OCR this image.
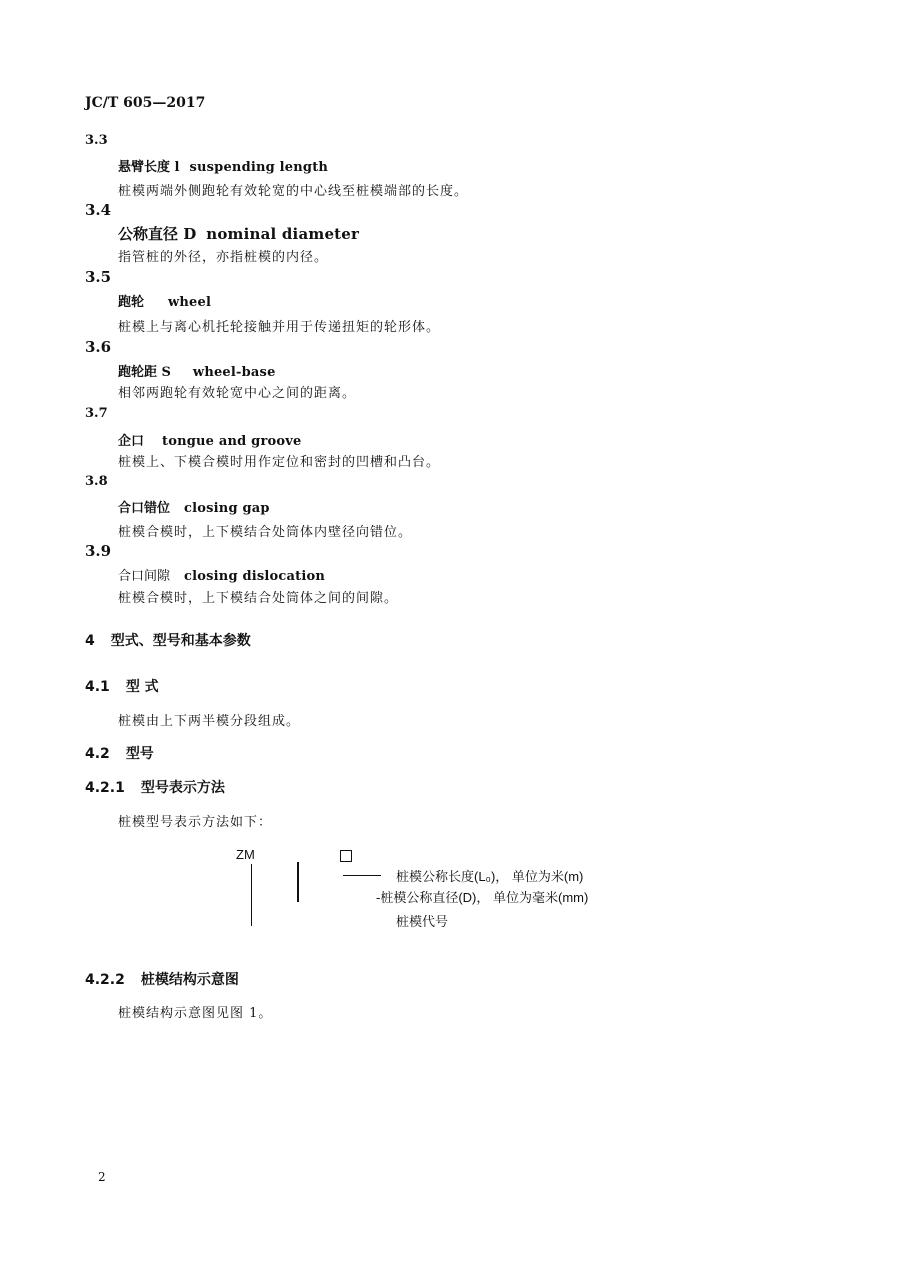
JC/T 605—2017
3.3
悬臂长度 l suspending length
桩模两端外侧跑轮有效轮宽的中心线至桩模端部的长度。
3.4
公称直径 D nominal diameter
指管桩的外径，亦指桩模的内径。
3.5
跑轮 wheel
桩模上与离心机托轮接触并用于传递扭矩的轮形体。
3.6
跑轮距 S wheel-base
相邻两跑轮有效轮宽中心之间的距离。
3.7
企口 tongue and groove
桩模上、下模合模时用作定位和密封的凹槽和凸台。
3.8
合口错位 closing gap
桩模合模时，上下模结合处筒体内壁径向错位。
3.9
合口间隙 closing dislocation
桩模合模时，上下模结合处筒体之间的间隙。
4 型式、型号和基本参数
4.1 型 式
桩模由上下两半模分段组成。
4.2 型号
4.2.1 型号表示方法
桩模型号表示方法如下：
ZM
桩模公称长度(L₀)， 单位为米(m)
-桩模公称直径(D)， 单位为毫米(mm)
桩模代号
4.2.2 桩模结构示意图
桩模结构示意图见图 1。
2
